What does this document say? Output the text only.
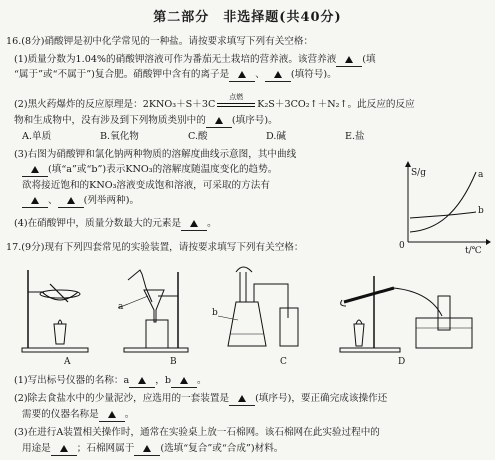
第二部分　非选择题(共40分)
16.(8分)硝酸钾是初中化学常见的一种盐。请按要求填写下列有关空格：
(1)质量分数为1.04%的硝酸钾溶液可作为番茄无土栽培的营养液。该营养液	(填
“属于”或“不属于”)复合肥。硝酸钾中含有的离子是	、	(填符号)。
(2)黑火药爆炸的反应原理是：2KNO₃＋S＋3C
点燃
K₂S＋3CO₂↑＋N₂↑。此反应的反应
物和生成物中，没有涉及到下列物质类别中的	(填序号)。
A.单质	B.氧化物	C.酸	D.碱	E.盐
(3)右图为硝酸钾和氯化钠两种物质的溶解度曲线示意图，其中曲线
(填“a”或“b”)表示KNO₃的溶解度随温度变化的趋势。
欲将接近饱和的KNO₃溶液变成饱和溶液，可采取的方法有
、	(列举两种)。
(4)在硝酸钾中，质量分数最大的元素是	。
S/g
t/℃
0
a
b
17.(9分)现有下列四套常见的实验装置，请按要求填写下列有关空格：
A
a
B
b
C	D
(1)写出标号仪器的名称：a	，b	。
(2)除去食盐水中的少量泥沙，应选用的一套装置是	(填序号)，要正确完成该操作还
需要的仪器名称是	。
(3)在进行A装置相关操作时，通常在实验桌上放一石棉网。该石棉网在此实验过程中的
用途是	；石棉网属于	(选填“复合”或“合成”)材料。
